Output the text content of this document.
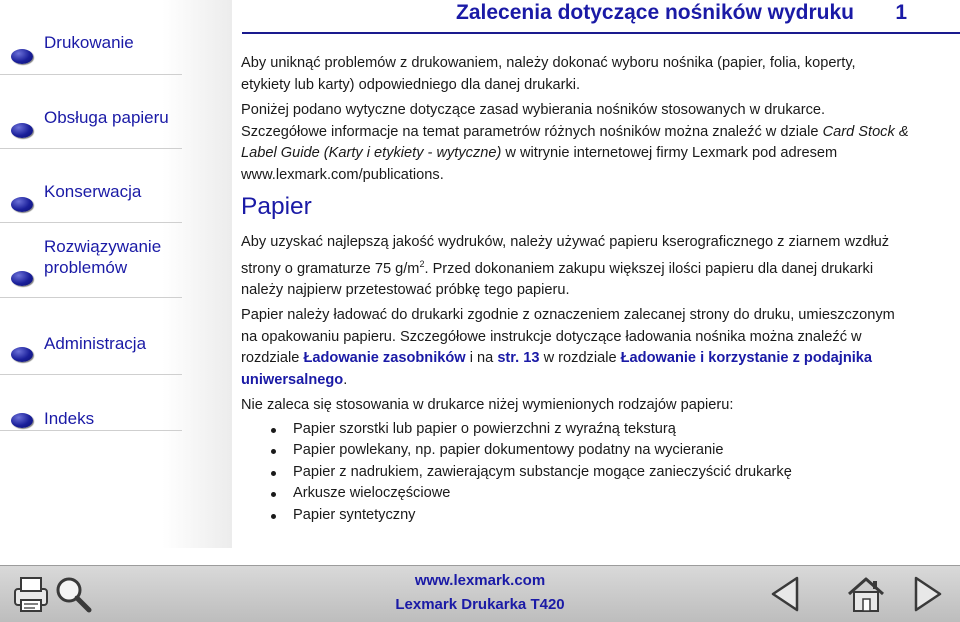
Drukowanie
Obsługa papieru
Konserwacja
Rozwiązywanie problemów
Administracja
Indeks
Zalecenia dotyczące nośników wydruku 1

Aby uniknąć problemów z drukowaniem, należy dokonać wyboru nośnika (papier, folia, koperty, etykiety lub karty) odpowiedniego dla danej drukarki.

Poniżej podano wytyczne dotyczące zasad wybierania nośników stosowanych w drukarce. Szczegółowe informacje na temat parametrów różnych nośników można znaleźć w dziale Card Stock & Label Guide (Karty i etykiety - wytyczne) w witrynie internetowej firmy Lexmark pod adresem www.lexmark.com/publications.

Papier

Aby uzyskać najlepszą jakość wydruków, należy używać papieru kserograficznego z ziarnem wzdłuż strony o gramaturze 75 $g/m^2$. Przed dokonaniem zakupu większej ilości papieru dla danej drukarki należy najpierw przetestować próbkę tego papieru.

Papier należy ładować do drukarki zgodnie z oznaczeniem zalecanej strony do druku, umieszczonym na opakowaniu papieru. Szczegółowe instrukcje dotyczące ładowania nośnika można znaleźć w rozdziale Ładowanie zasobników i na str. 13 w rozdziale Ładowanie i korzystanie z podajnika uniwersalnego.

Nie zaleca się stosowania w drukarce niżej wymienionych rodzajów papieru:

Papier szorstki lub papier o powierzchni z wyraźną teksturą
Papier powlekany, np. papier dokumentowy podatny na wycieranie
Papier z nadrukiem, zawierającym substancje mogące zanieczyścić drukarkę
Arkusze wieloczęściowe
Papier syntetyczny
www.lexmark.com
Lexmark Drukarka T420
